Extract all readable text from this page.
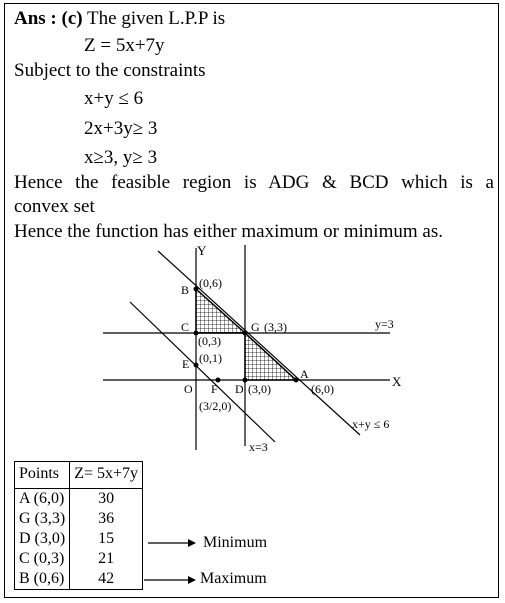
Ans : (c) The given L.P.P is
Z = 5x+7y
Subject to the constraints
x+y ≤ 6
2x+3y≥ 3
x≥3, y≥ 3
Hence the feasible region is ADG & BCD which is a
convex set
Hence the function has either maximum or minimum as.
Y
X
B (0,6)
C
(0,3)
G (3,3)
E (0,1)
O F
(3/2,0)
D (3,0)
A
(6,0)
y=3
x=3
x+y ≤ 6
Points	Z= 5x+7y
A (6,0)	30
G (3,3)	36
D (3,0)	15
C (0,3)	21
B (0,6)	42
Minimum
Maximum
